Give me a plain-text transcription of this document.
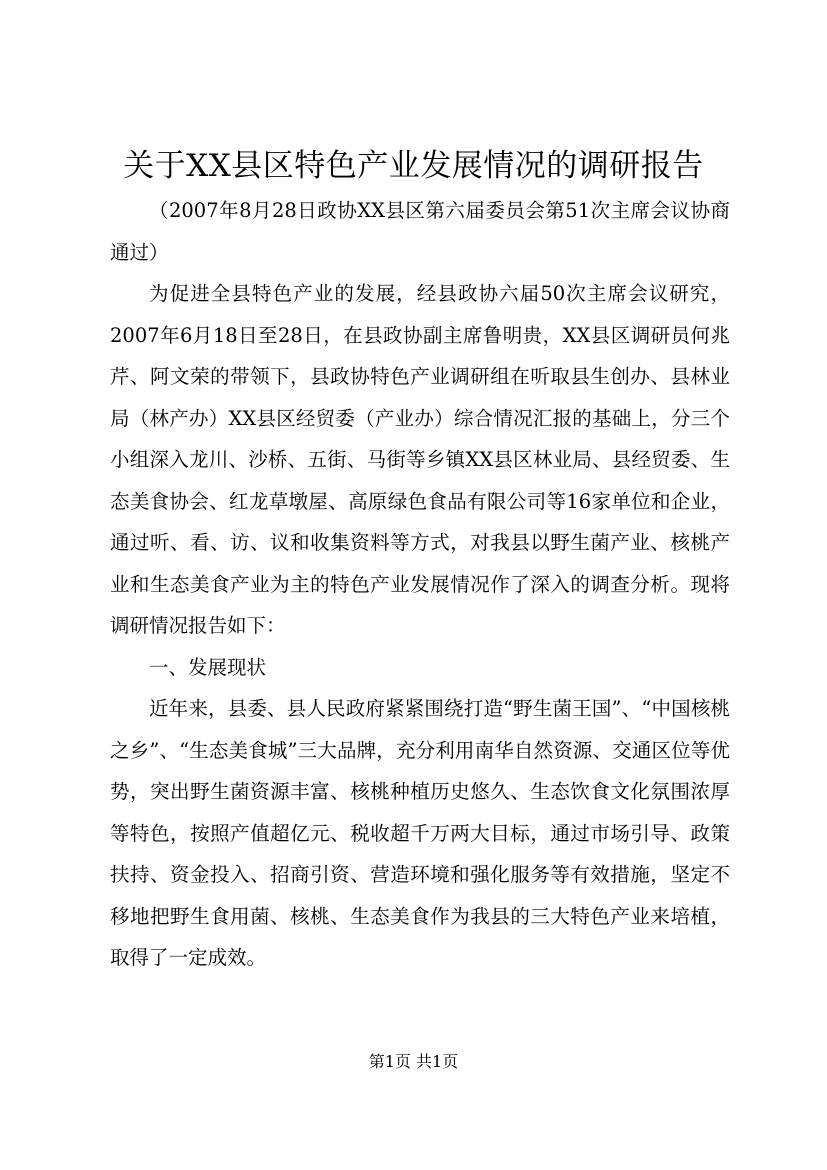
关于XX县区特色产业发展情况的调研报告

（2007年8月28日政协XX县区第六届委员会第51次主席会议协商通过）

为促进全县特色产业的发展，经县政协六届50次主席会议研究，2007年6月18日至28日，在县政协副主席鲁明贵，XX县区调研员何兆芹、阿文荣的带领下，县政协特色产业调研组在听取县生创办、县林业局（林产办）XX县区经贸委（产业办）综合情况汇报的基础上，分三个小组深入龙川、沙桥、五街、马街等乡镇XX县区林业局、县经贸委、生态美食协会、红龙草墩屋、高原绿色食品有限公司等16家单位和企业，通过听、看、访、议和收集资料等方式，对我县以野生菌产业、核桃产业和生态美食产业为主的特色产业发展情况作了深入的调查分析。现将调研情况报告如下：

一、发展现状

近年来，县委、县人民政府紧紧围绕打造“野生菌王国”、“中国核桃之乡”、“生态美食城”三大品牌，充分利用南华自然资源、交通区位等优势，突出野生菌资源丰富、核桃种植历史悠久、生态饮食文化氛围浓厚等特色，按照产值超亿元、税收超千万两大目标，通过市场引导、政策扶持、资金投入、招商引资、营造环境和强化服务等有效措施，坚定不移地把野生食用菌、核桃、生态美食作为我县的三大特色产业来培植，取得了一定成效。

第1页 共1页
